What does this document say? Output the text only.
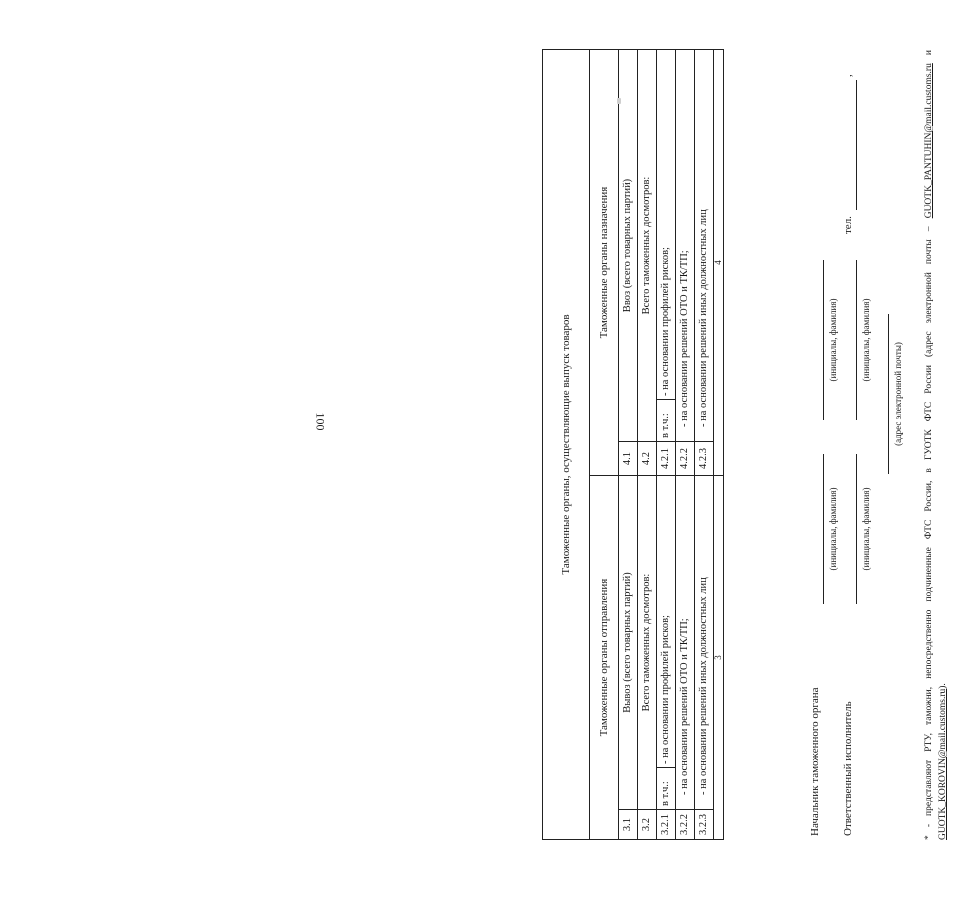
100	Таможенные органы, осуществляющие выпуск товаров					
Таможенные органы отправления			Таможенные органы назначения		
3.1	Вывоз (всего товарных партий)		4.1	Ввоз (всего товарных партий)	
3.2	Всего таможенных досмотров:		4.2	Всего таможенных досмотров:	
3.2.1	в т.ч.:	- на основании профилей рисков;	4.2.1	в т.ч.:	- на основании профилей рисков;
3.2.2	- на основании решений ОТО и ТК/ТП;		4.2.2	- на основании решений ОТО и ТК/ТП;	
3.2.3	- на основании решений иных должностных лиц		4.2.3	- на основании решений иных должностных лиц	
3			4		
Начальник таможенного органа
(инициалы, фамилия)
(инициалы, фамилия)
Ответственный исполнитель
(инициалы, фамилия)
(инициалы, фамилия)
тел.
,
(адрес электронной почты)
* - представляют РТУ, таможни, непосредственно подчиненные ФТС России, в ГУОТК ФТС России (адрес электронной почты – GUOTK_PANTUHIN@mail.customs.ru и GUOTK_KOROVIN@mail.customs.ru).
